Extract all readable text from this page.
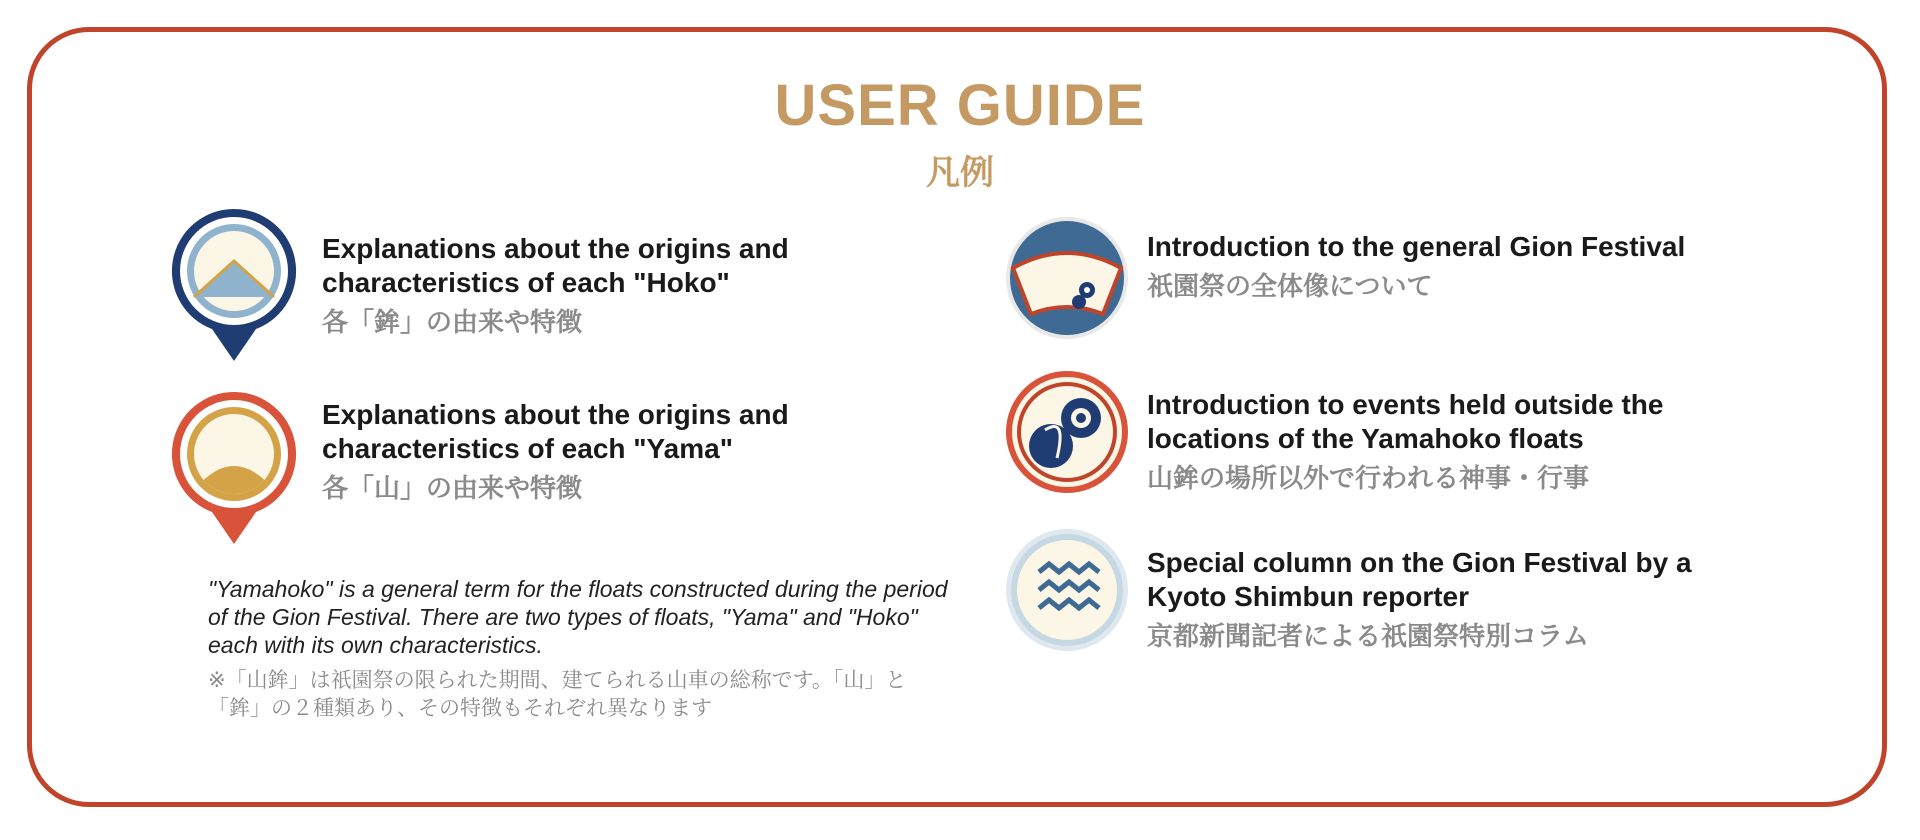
USER GUIDE
凡例
Explanations about the origins and characteristics of each "Hoko"
各「鉾」の由来や特徴
Explanations about the origins and characteristics of each "Yama"
各「山」の由来や特徴
"Yamahoko" is a general term for the floats constructed during the period of the Gion Festival. There are two types of floats, "Yama" and "Hoko" each with its own characteristics.
※「山鉾」は祇園祭の限られた期間、建てられる山車の総称です。「山」と「鉾」の２種類あり、その特徴もそれぞれ異なります
Introduction to the general Gion Festival
祇園祭の全体像について
Introduction to events held outside the locations of the Yamahoko floats
山鉾の場所以外で行われる神事・行事
Special column on the Gion Festival by a Kyoto Shimbun reporter
京都新聞記者による祇園祭特別コラム
